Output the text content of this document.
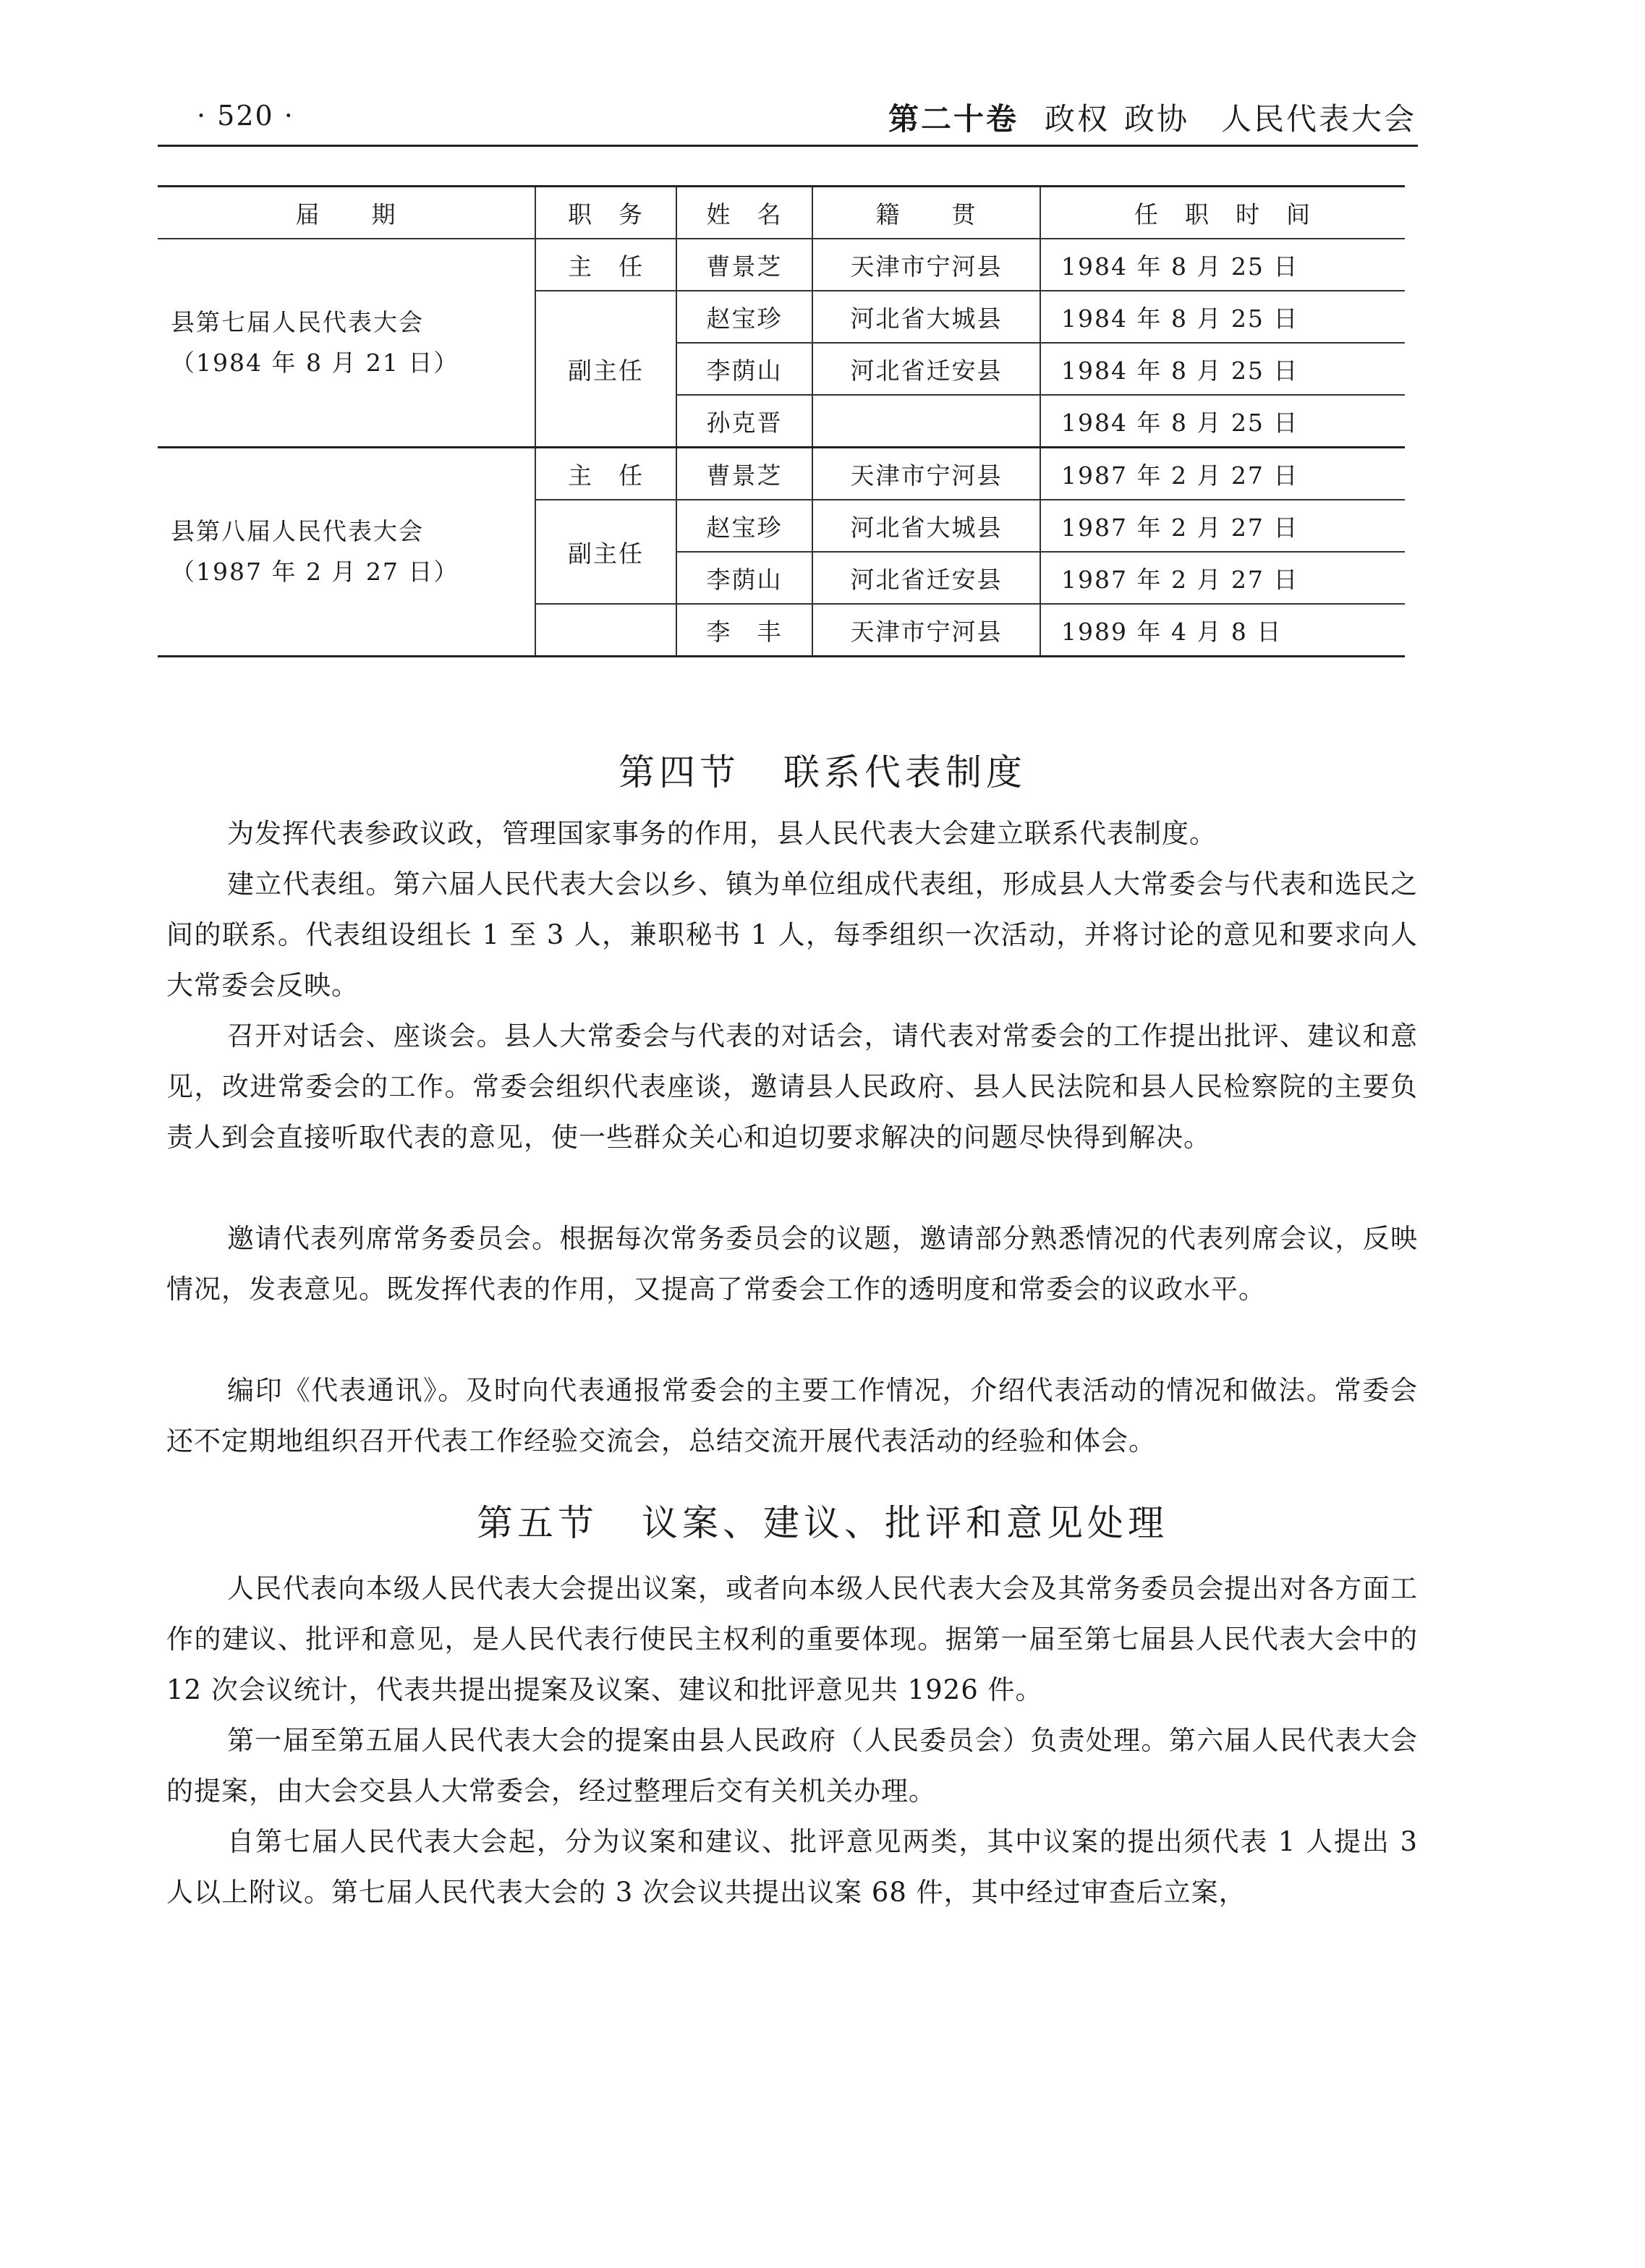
· 520 ·	第二十卷 政权 政协 人民代表大会
届　　期	职　务	姓　名	籍　　贯	任　职　时　间

县第七届人民代表大会
（1984 年 8 月 21 日）	主　任	曹景芝	天津市宁河县	1984 年 8 月 25 日
	副主任	赵宝珍	河北省大城县	1984 年 8 月 25 日
		李荫山	河北省迁安县	1984 年 8 月 25 日
		孙克晋		1984 年 8 月 25 日

县第八届人民代表大会
（1987 年 2 月 27 日）	主　任	曹景芝	天津市宁河县	1987 年 2 月 27 日
	副主任	赵宝珍	河北省大城县	1987 年 2 月 27 日
		李荫山	河北省迁安县	1987 年 2 月 27 日
		李　丰	天津市宁河县	1989 年 4 月 8 日
第四节 联系代表制度

为发挥代表参政议政，管理国家事务的作用，县人民代表大会建立联系代表制度。

建立代表组。第六届人民代表大会以乡、镇为单位组成代表组，形成县人大常委会与代表和选民之间的联系。代表组设组长 1 至 3 人，兼职秘书 1 人，每季组织一次活动，并将讨论的意见和要求向人大常委会反映。

召开对话会、座谈会。县人大常委会与代表的对话会，请代表对常委会的工作提出批评、建议和意见，改进常委会的工作。常委会组织代表座谈，邀请县人民政府、县人民法院和县人民检察院的主要负责人到会直接听取代表的意见，使一些群众关心和迫切要求解决的问题尽快得到解决。

邀请代表列席常务委员会。根据每次常务委员会的议题，邀请部分熟悉情况的代表列席会议，反映情况，发表意见。既发挥代表的作用，又提高了常委会工作的透明度和常委会的议政水平。

编印《代表通讯》。及时向代表通报常委会的主要工作情况，介绍代表活动的情况和做法。常委会还不定期地组织召开代表工作经验交流会，总结交流开展代表活动的经验和体会。

第五节 议案、建议、批评和意见处理

人民代表向本级人民代表大会提出议案，或者向本级人民代表大会及其常务委员会提出对各方面工作的建议、批评和意见，是人民代表行使民主权利的重要体现。据第一届至第七届县人民代表大会中的 12 次会议统计，代表共提出提案及议案、建议和批评意见共 1926 件。

第一届至第五届人民代表大会的提案由县人民政府（人民委员会）负责处理。第六届人民代表大会的提案，由大会交县人大常委会，经过整理后交有关机关办理。

自第七届人民代表大会起，分为议案和建议、批评意见两类，其中议案的提出须代表 1 人提出 3 人以上附议。第七届人民代表大会的 3 次会议共提出议案 68 件，其中经过审查后立案，
